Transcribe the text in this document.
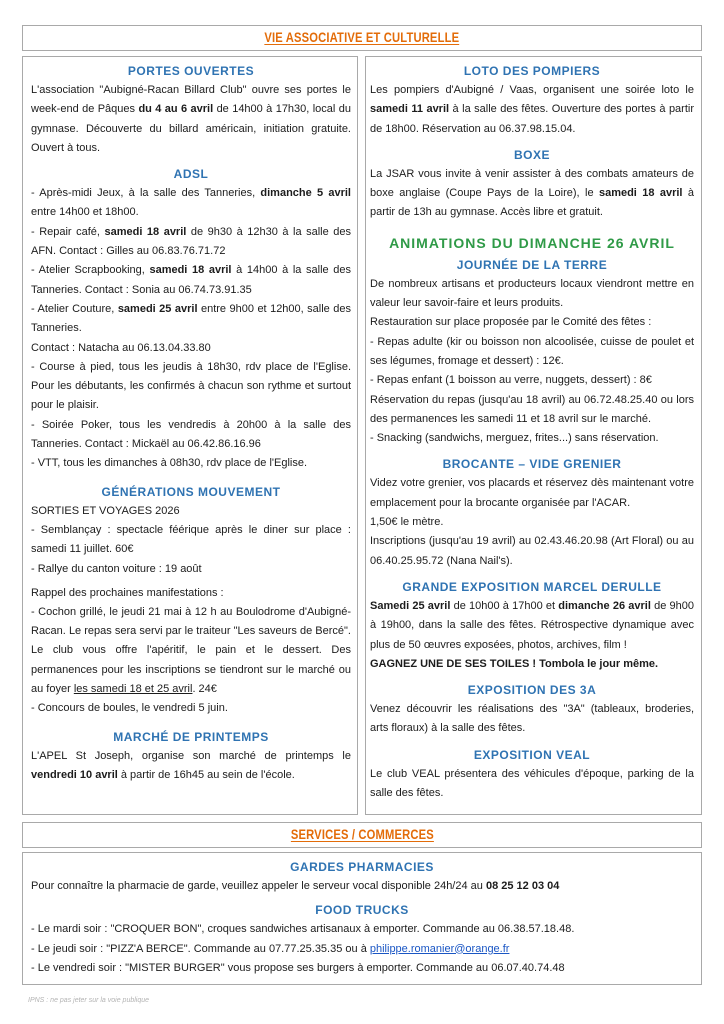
VIE ASSOCIATIVE ET CULTURELLE
PORTES OUVERTES

L'association "Aubigné-Racan Billard Club" ouvre ses portes le week-end de Pâques du 4 au 6 avril de 14h00 à 17h30, local du gymnase. Découverte du billard américain, initiation gratuite. Ouvert à tous.

ADSL

- Après-midi Jeux, à la salle des Tanneries, dimanche 5 avril entre 14h00 et 18h00.

- Repair café, samedi 18 avril de 9h30 à 12h30 à la salle des AFN. Contact : Gilles au 06.83.76.71.72

- Atelier Scrapbooking, samedi 18 avril à 14h00 à la salle des Tanneries. Contact : Sonia au 06.74.73.91.35

- Atelier Couture, samedi 25 avril entre 9h00 et 12h00, salle des Tanneries.

Contact : Natacha au 06.13.04.33.80

- Course à pied, tous les jeudis à 18h30, rdv place de l'Eglise. Pour les débutants, les confirmés à chacun son rythme et surtout pour le plaisir.

- Soirée Poker, tous les vendredis à 20h00 à la salle des Tanneries. Contact : Mickaël au 06.42.86.16.96

- VTT, tous les dimanches à 08h30, rdv place de l'Eglise.

GÉNÉRATIONS MOUVEMENT

SORTIES ET VOYAGES 2026

- Semblançay : spectacle féérique après le diner sur place : samedi 11 juillet. 60€

- Rallye du canton voiture : 19 août

Rappel des prochaines manifestations :

- Cochon grillé, le jeudi 21 mai à 12 h au Boulodrome d'Aubigné-Racan. Le repas sera servi par le traiteur "Les saveurs de Bercé". Le club vous offre l'apéritif, le pain et le dessert. Des permanences pour les inscriptions se tiendront sur le marché ou au foyer les samedi 18 et 25 avril. 24€

- Concours de boules, le vendredi 5 juin.

MARCHÉ DE PRINTEMPS

L'APEL St Joseph, organise son marché de printemps le vendredi 10 avril à partir de 16h45 au sein de l'école.

LOTO DES POMPIERS

Les pompiers d'Aubigné / Vaas, organisent une soirée loto le samedi 11 avril à la salle des fêtes. Ouverture des portes à partir de 18h00. Réservation au 06.37.98.15.04.

BOXE

La JSAR vous invite à venir assister à des combats amateurs de boxe anglaise (Coupe Pays de la Loire), le samedi 18 avril à partir de 13h au gymnase. Accès libre et gratuit.

ANIMATIONS DU DIMANCHE 26 AVRIL
JOURNÉE DE LA TERRE

De nombreux artisans et producteurs locaux viendront mettre en valeur leur savoir-faire et leurs produits.

Restauration sur place proposée par le Comité des fêtes :

- Repas adulte (kir ou boisson non alcoolisée, cuisse de poulet et ses légumes, fromage et dessert) : 12€.

- Repas enfant (1 boisson au verre, nuggets, dessert) : 8€

Réservation du repas (jusqu'au 18 avril) au 06.72.48.25.40 ou lors des permanences les samedi 11 et 18 avril sur le marché.

- Snacking (sandwichs, merguez, frites...) sans réservation.

BROCANTE – VIDE GRENIER

Videz votre grenier, vos placards et réservez dès maintenant votre emplacement pour la brocante organisée par l'ACAR.

1,50€ le mètre.

Inscriptions (jusqu'au 19 avril) au 02.43.46.20.98 (Art Floral) ou au 06.40.25.95.72 (Nana Nail's).

GRANDE EXPOSITION MARCEL DERULLE

Samedi 25 avril de 10h00 à 17h00 et dimanche 26 avril de 9h00 à 19h00, dans la salle des fêtes. Rétrospective dynamique avec plus de 50 œuvres exposées, photos, archives, film !

GAGNEZ UNE DE SES TOILES ! Tombola le jour même.

EXPOSITION DES 3A

Venez découvrir les réalisations des "3A" (tableaux, broderies, arts floraux) à la salle des fêtes.

EXPOSITION VEAL

Le club VEAL présentera des véhicules d'époque, parking de la salle des fêtes.

SERVICES / COMMERCES
GARDES PHARMACIES

Pour connaître la pharmacie de garde, veuillez appeler le serveur vocal disponible 24h/24 au 08 25 12 03 04

FOOD TRUCKS

- Le mardi soir : "CROQUER BON", croques sandwiches artisanaux à emporter. Commande au 06.38.57.18.48.

- Le jeudi soir : "PIZZ'A BERCE". Commande au 07.77.25.35.35 ou à philippe.romanier@orange.fr

- Le vendredi soir : "MISTER BURGER" vous propose ses burgers à emporter. Commande au 06.07.40.74.48

IPNS : ne pas jeter sur la voie publique
